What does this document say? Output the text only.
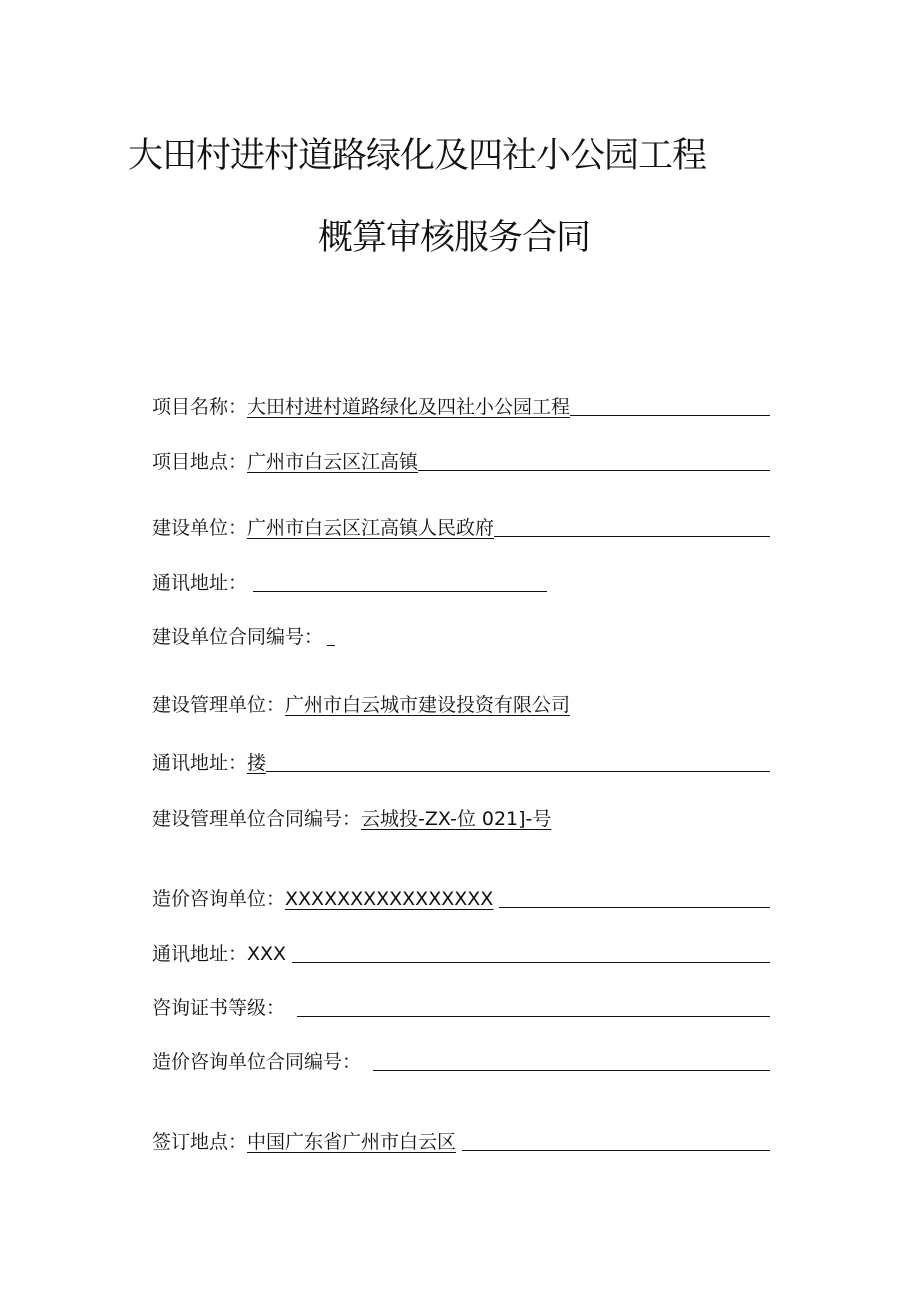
大田村进村道路绿化及四社小公园工程
概算审核服务合同
项目名称： 大田村进村道路绿化及四社小公园工程
项目地点： 广州市白云区江高镇
建设单位： 广州市白云区江高镇人民政府
通讯地址：
建设单位合同编号：
建设管理单位： 广州市白云城市建设投资有限公司
通讯地址： 搂
建设管理单位合同编号： 云城投-ZX-位 021]-号
造价咨询单位： XXXXXXXXXXXXXXXX
通讯地址： XXX
咨询证书等级：
造价咨询单位合同编号：
签订地点： 中国广东省广州市白云区
